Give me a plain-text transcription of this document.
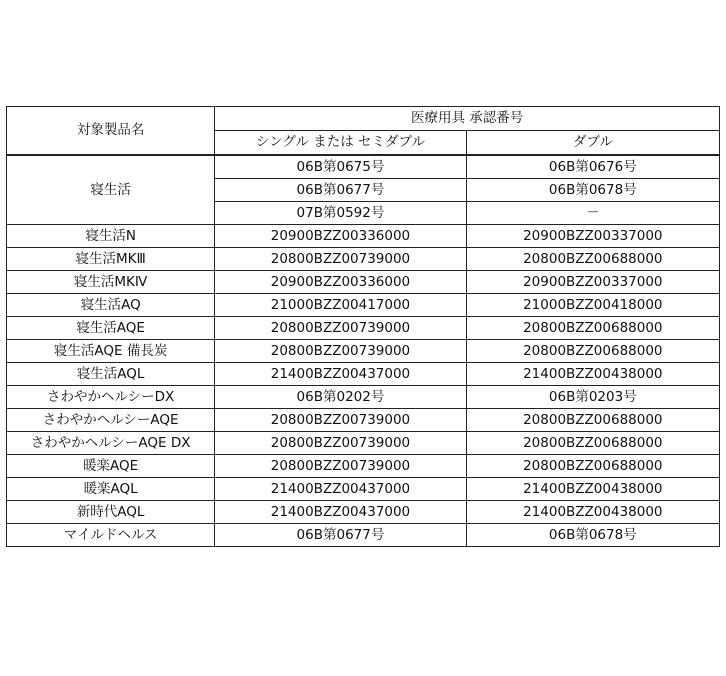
対象製品名	医療用具 承認番号	
	シングル または セミダブル	ダブル
寝生活	06B第0675号	06B第0676号
	06B第0677号	06B第0678号
	07B第0592号	－
寝生活N	20900BZZ00336000	20900BZZ00337000
寝生活MKⅢ	20800BZZ00739000	20800BZZ00688000
寝生活MKⅣ	20900BZZ00336000	20900BZZ00337000
寝生活AQ	21000BZZ00417000	21000BZZ00418000
寝生活AQE	20800BZZ00739000	20800BZZ00688000
寝生活AQE 備長炭	20800BZZ00739000	20800BZZ00688000
寝生活AQL	21400BZZ00437000	21400BZZ00438000
さわやかヘルシーDX	06B第0202号	06B第0203号
さわやかヘルシーAQE	20800BZZ00739000	20800BZZ00688000
さわやかヘルシーAQE DX	20800BZZ00739000	20800BZZ00688000
暖楽AQE	20800BZZ00739000	20800BZZ00688000
暖楽AQL	21400BZZ00437000	21400BZZ00438000
新時代AQL	21400BZZ00437000	21400BZZ00438000
マイルドヘルス	06B第0677号	06B第0678号
